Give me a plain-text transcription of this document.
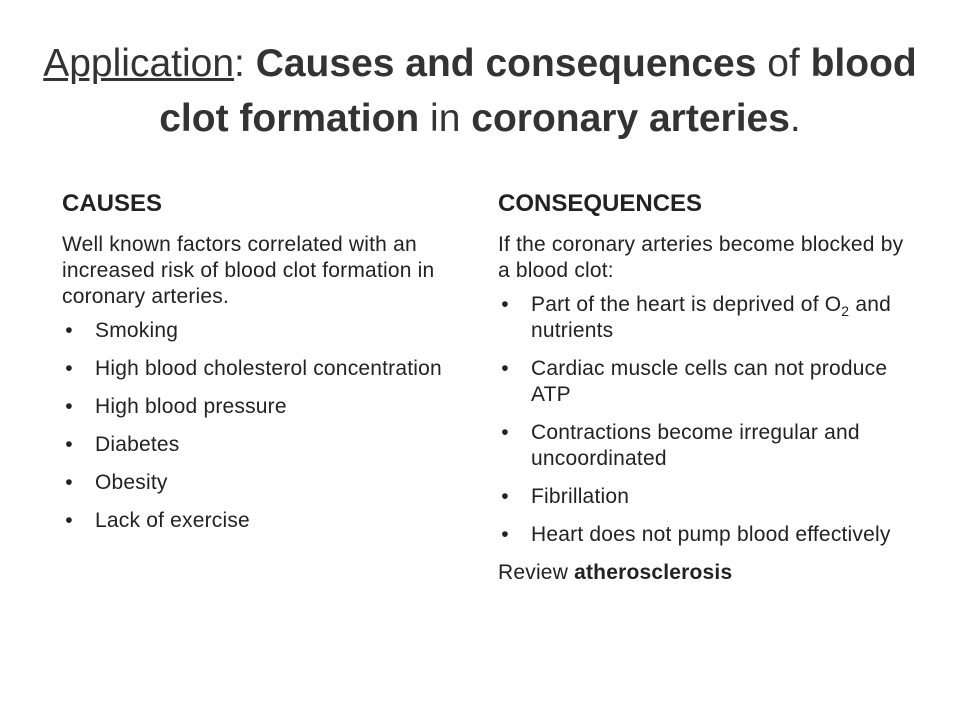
Application: Causes and consequences of blood clot formation in coronary arteries.
CAUSES

Well known factors correlated with an increased risk of blood clot formation in coronary arteries.

• Smoking
• High blood cholesterol concentration
• High blood pressure
• Diabetes
• Obesity
• Lack of exercise
CONSEQUENCES

If the coronary arteries become blocked by a blood clot:

• Part of the heart is deprived of $O_2$ and nutrients
• Cardiac muscle cells can not produce ATP
• Contractions become irregular and uncoordinated
• Fibrillation
• Heart does not pump blood effectively

Review atherosclerosis
